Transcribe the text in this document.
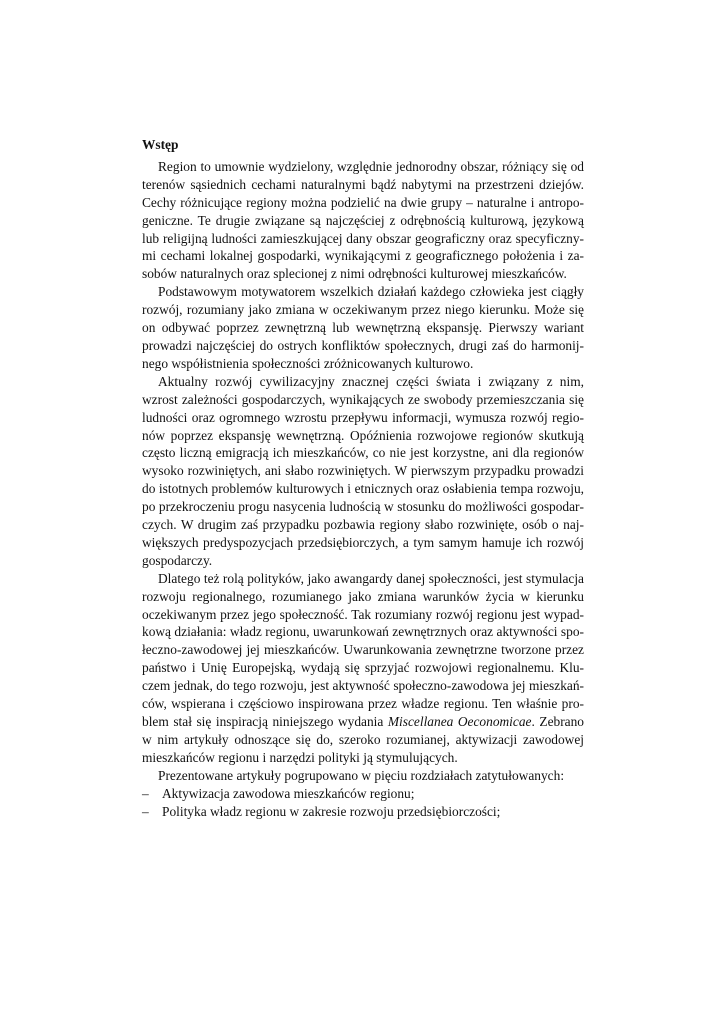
Wstęp

Region to umownie wydzielony, względnie jednorodny obszar, różniący się od terenów sąsiednich cechami naturalnymi bądź nabytymi na przestrzeni dziejów. Cechy różnicujące regiony można podzielić na dwie grupy – naturalne i antropogeniczne. Te drugie związane są najczęściej z odrębnością kulturową, językową lub religijną ludności zamieszkującej dany obszar geograficzny oraz specyficznymi cechami lokalnej gospodarki, wynikającymi z geograficznego położenia i zasobów naturalnych oraz splecionej z nimi odrębności kulturowej mieszkańców.

Podstawowym motywatorem wszelkich działań każdego człowieka jest ciągły rozwój, rozumiany jako zmiana w oczekiwanym przez niego kierunku. Może się on odbywać poprzez zewnętrzną lub wewnętrzną ekspansję. Pierwszy wariant prowadzi najczęściej do ostrych konfliktów społecznych, drugi zaś do harmonijnego współistnienia społeczności zróżnicowanych kulturowo.

Aktualny rozwój cywilizacyjny znacznej części świata i związany z nim, wzrost zależności gospodarczych, wynikających ze swobody przemieszczania się ludności oraz ogromnego wzrostu przepływu informacji, wymusza rozwój regionów poprzez ekspansję wewnętrzną. Opóźnienia rozwojowe regionów skutkują często liczną emigracją ich mieszkańców, co nie jest korzystne, ani dla regionów wysoko rozwiniętych, ani słabo rozwiniętych. W pierwszym przypadku prowadzi do istotnych problemów kulturowych i etnicznych oraz osłabienia tempa rozwoju, po przekroczeniu progu nasycenia ludnością w stosunku do możliwości gospodarczych. W drugim zaś przypadku pozbawia regiony słabo rozwinięte, osób o największych predyspozycjach przedsiębiorczych, a tym samym hamuje ich rozwój gospodarczy.

Dlatego też rolą polityków, jako awangardy danej społeczności, jest stymulacja rozwoju regionalnego, rozumianego jako zmiana warunków życia w kierunku oczekiwanym przez jego społeczność. Tak rozumiany rozwój regionu jest wypadkową działania: władz regionu, uwarunkowań zewnętrznych oraz aktywności społeczno-zawodowej jej mieszkańców. Uwarunkowania zewnętrzne tworzone przez państwo i Unię Europejską, wydają się sprzyjać rozwojowi regionalnemu. Kluczem jednak, do tego rozwoju, jest aktywność społeczno-zawodowa jej mieszkańców, wspierana i częściowo inspirowana przez władze regionu. Ten właśnie problem stał się inspiracją niniejszego wydania Miscellanea Oeconomicae. Zebrano w nim artykuły odnoszące się do, szeroko rozumianej, aktywizacji zawodowej mieszkańców regionu i narzędzi polityki ją stymulujących.

Prezentowane artykuły pogrupowano w pięciu rozdziałach zatytułowanych:

– Aktywizacja zawodowa mieszkańców regionu;
– Polityka władz regionu w zakresie rozwoju przedsiębiorczości;
